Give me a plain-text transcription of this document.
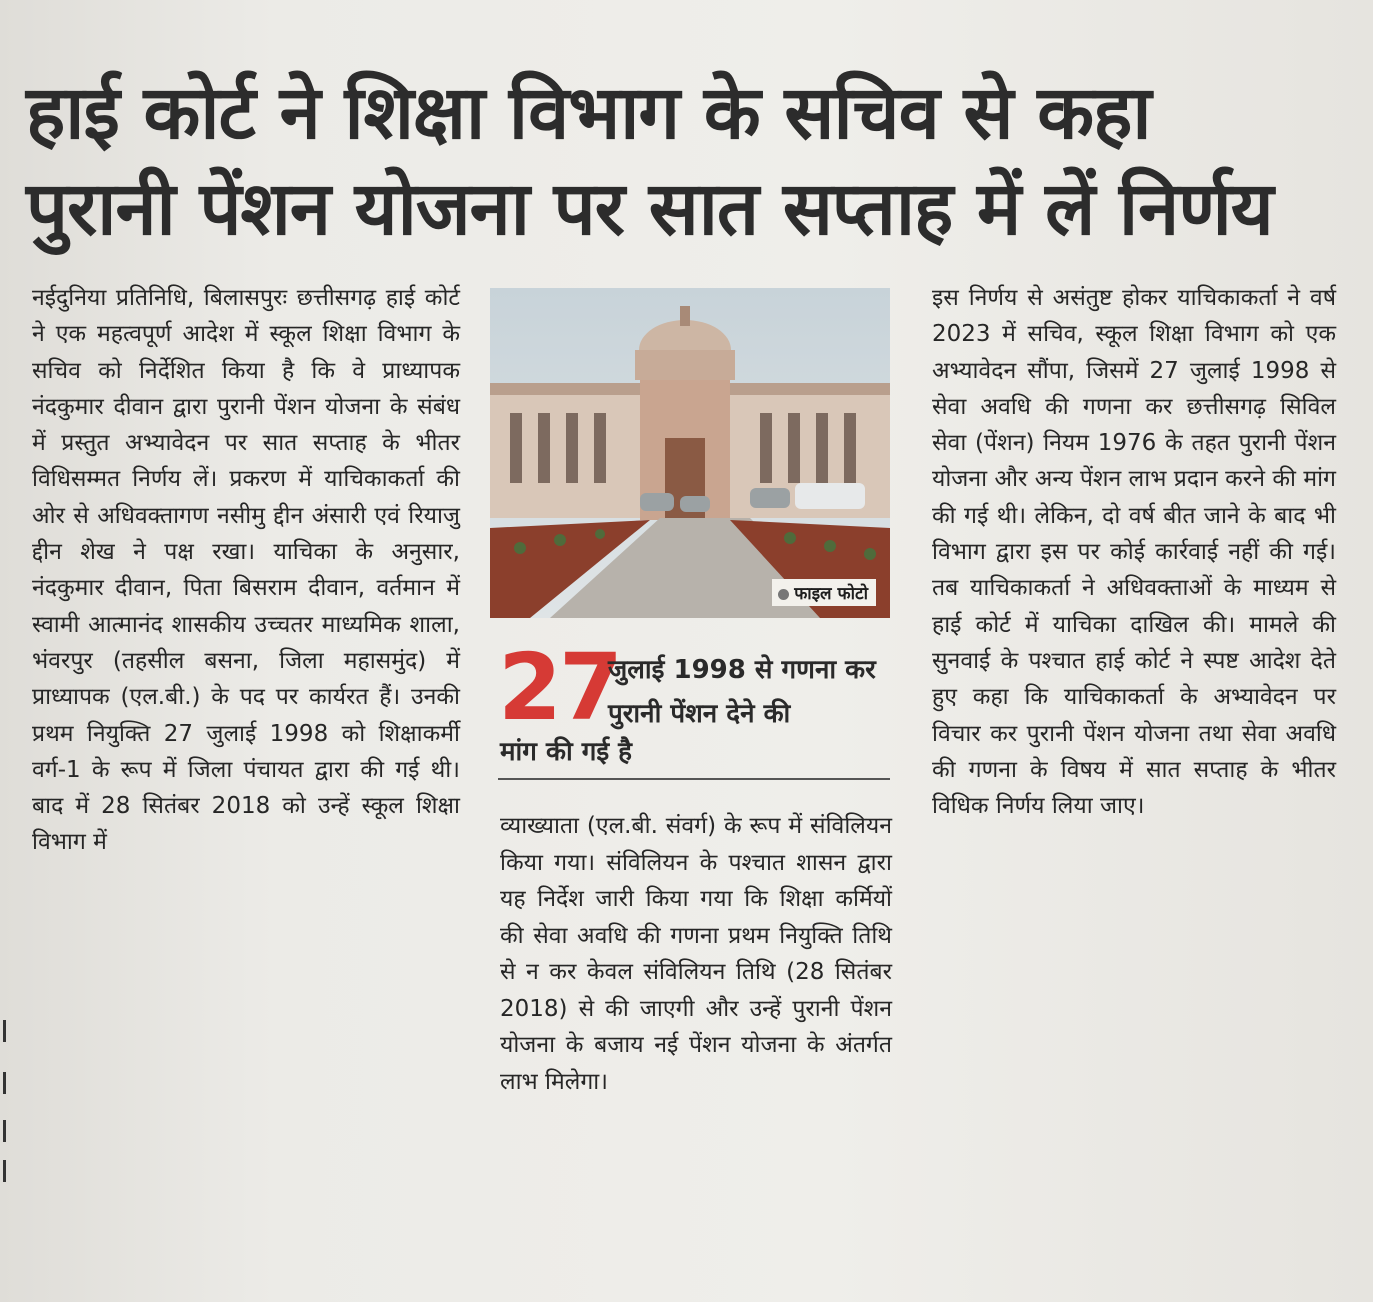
हाई कोर्ट ने शिक्षा विभाग के सचिव से कहा
पुरानी पेंशन योजना पर सात सप्ताह में लें निर्णय

नईदुनिया प्रतिनिधि, बिलासपुरः छत्तीसगढ़ हाई कोर्ट ने एक महत्वपूर्ण आदेश में स्कूल शिक्षा विभाग के सचिव को निर्देशित किया है कि वे प्राध्यापक नंदकुमार दीवान द्वारा पुरानी पेंशन योजना के संबंध में प्रस्तुत अभ्यावेदन पर सात सप्ताह के भीतर विधिसम्मत निर्णय लें। प्रकरण में याचिकाकर्ता की ओर से अधिवक्तागण नसीमु द्दीन अंसारी एवं रियाजु द्दीन शेख ने पक्ष रखा। याचिका के अनुसार, नंदकुमार दीवान, पिता बिसराम दीवान, वर्तमान में स्वामी आत्मानंद शासकीय उच्चतर माध्यमिक शाला, भंवरपुर (तहसील बसना, जिला महासमुंद) में प्राध्यापक (एल.बी.) के पद पर कार्यरत हैं। उनकी प्रथम नियुक्ति 27 जुलाई 1998 को शिक्षाकर्मी वर्ग-1 के रूप में जिला पंचायत द्वारा की गई थी। बाद में 28 सितंबर 2018 को उन्हें स्कूल शिक्षा विभाग में

फाइल फोटो
27
जुलाई 1998 से गणना कर पुरानी पेंशन देने की
मांग की गई है

व्याख्याता (एल.बी. संवर्ग) के रूप में संविलियन किया गया। संविलियन के पश्चात शासन द्वारा यह निर्देश जारी किया गया कि शिक्षा कर्मियों की सेवा अवधि की गणना प्रथम नियुक्ति तिथि से न कर केवल संविलियन तिथि (28 सितंबर 2018) से की जाएगी और उन्हें पुरानी पेंशन योजना के बजाय नई पेंशन योजना के अंतर्गत लाभ मिलेगा।

इस निर्णय से असंतुष्ट होकर याचिकाकर्ता ने वर्ष 2023 में सचिव, स्कूल शिक्षा विभाग को एक अभ्यावेदन सौंपा, जिसमें 27 जुलाई 1998 से सेवा अवधि की गणना कर छत्तीसगढ़ सिविल सेवा (पेंशन) नियम 1976 के तहत पुरानी पेंशन योजना और अन्य पेंशन लाभ प्रदान करने की मांग की गई थी। लेकिन, दो वर्ष बीत जाने के बाद भी विभाग द्वारा इस पर कोई कार्रवाई नहीं की गई। तब याचिकाकर्ता ने अधिवक्ताओं के माध्यम से हाई कोर्ट में याचिका दाखिल की। मामले की सुनवाई के पश्चात हाई कोर्ट ने स्पष्ट आदेश देते हुए कहा कि याचिकाकर्ता के अभ्यावेदन पर विचार कर पुरानी पेंशन योजना तथा सेवा अवधि की गणना के विषय में सात सप्ताह के भीतर विधिक निर्णय लिया जाए।
